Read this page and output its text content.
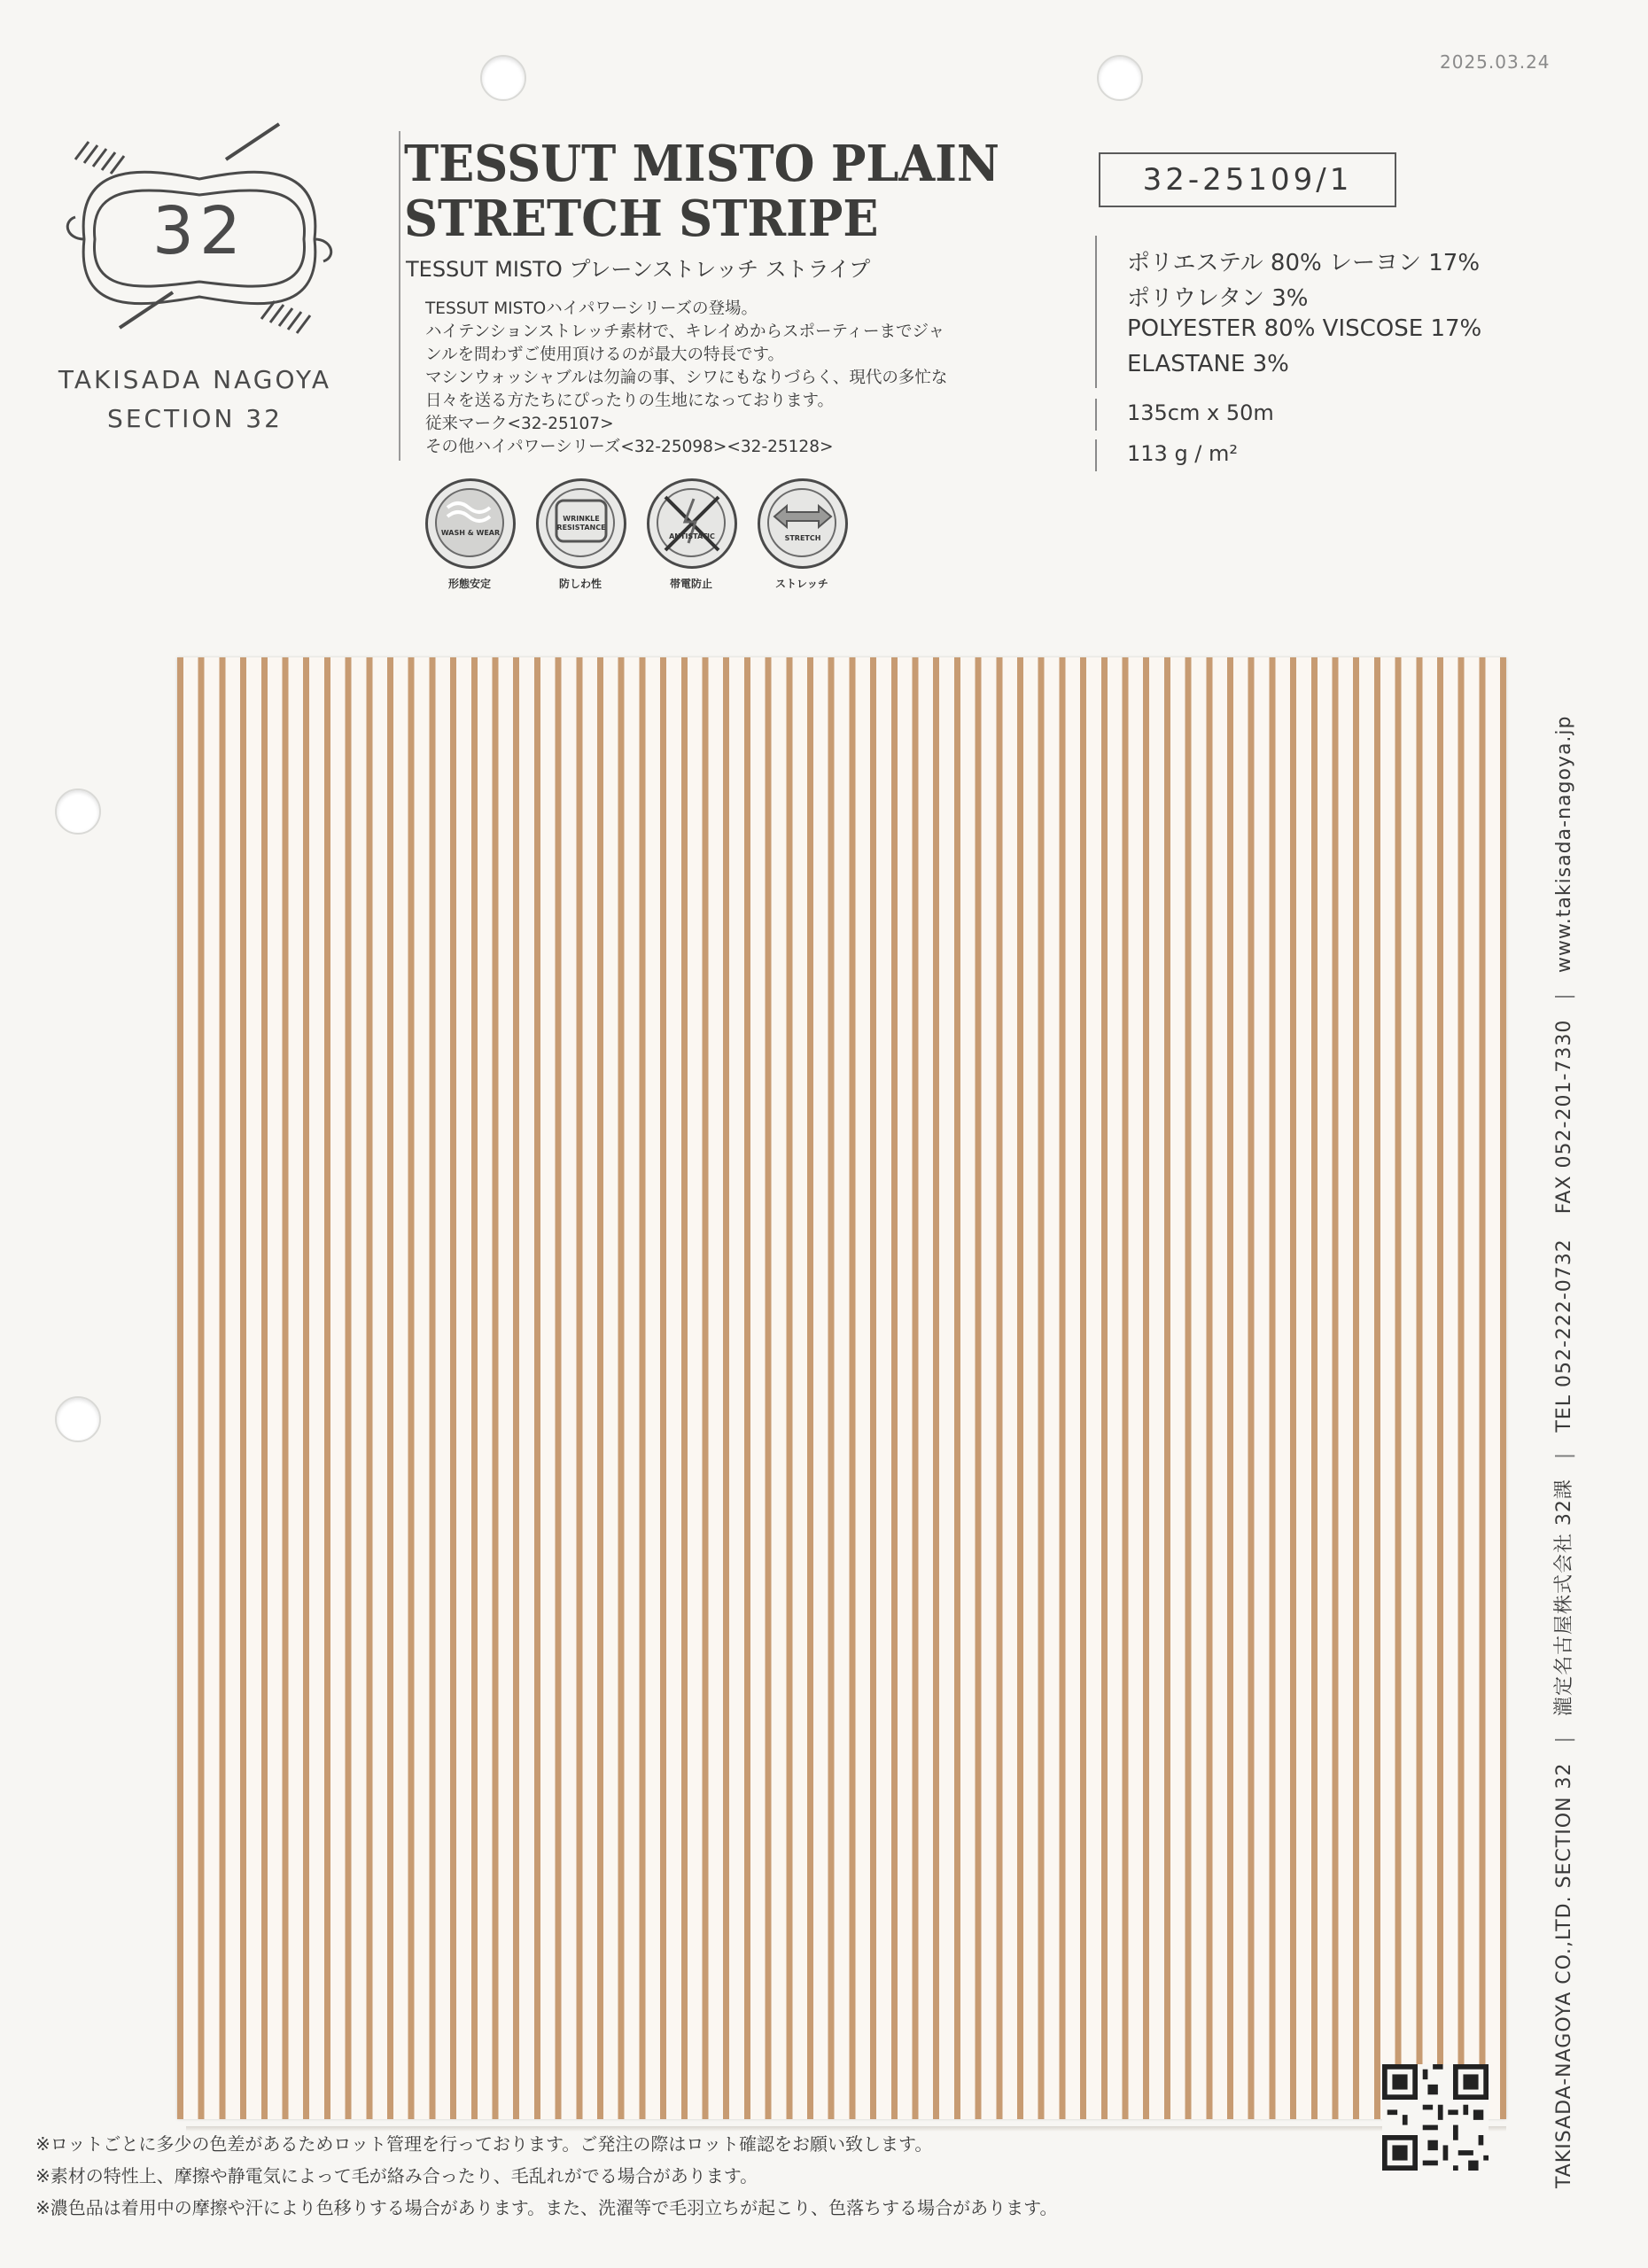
2025.03.24
32
TAKISADA NAGOYA
SECTION 32
TESSUT MISTO PLAIN
STRETCH STRIPE
TESSUT MISTO プレーンストレッチ ストライプ
TESSUT MISTOハイパワーシリーズの登場。
ハイテンションストレッチ素材で、キレイめからスポーティーまでジャ
ンルを問わずご使用頂けるのが最大の特長です。
マシンウォッシャブルは勿論の事、シワにもなりづらく、現代の多忙な
日々を送る方たちにぴったりの生地になっております。
従来マーク<32-25107>
その他ハイパワーシリーズ<32-25098><32-25128>
WASH & WEAR
形態安定
WRINKLE RESISTANCE
防しわ性
ANTISTATIC
帯電防止
STRETCH
ストレッチ
32-25109/1
ポリエステル 80% レーヨン 17%
ポリウレタン 3%
POLYESTER 80% VISCOSE 17%
ELASTANE 3%
135cm x 50m
113 g / m²
TAKISADA-NAGOYA CO.,LTD. SECTION 32|瀧定名古屋株式会社 32課|TEL 052-222-0732FAX 052-201-7330|www.takisada-nagoya.jp
※ロットごとに多少の色差があるためロット管理を行っております。ご発注の際はロット確認をお願い致します。
※素材の特性上、摩擦や静電気によって毛が絡み合ったり、毛乱れがでる場合があります。
※濃色品は着用中の摩擦や汗により色移りする場合があります。また、洗濯等で毛羽立ちが起こり、色落ちする場合があります。
